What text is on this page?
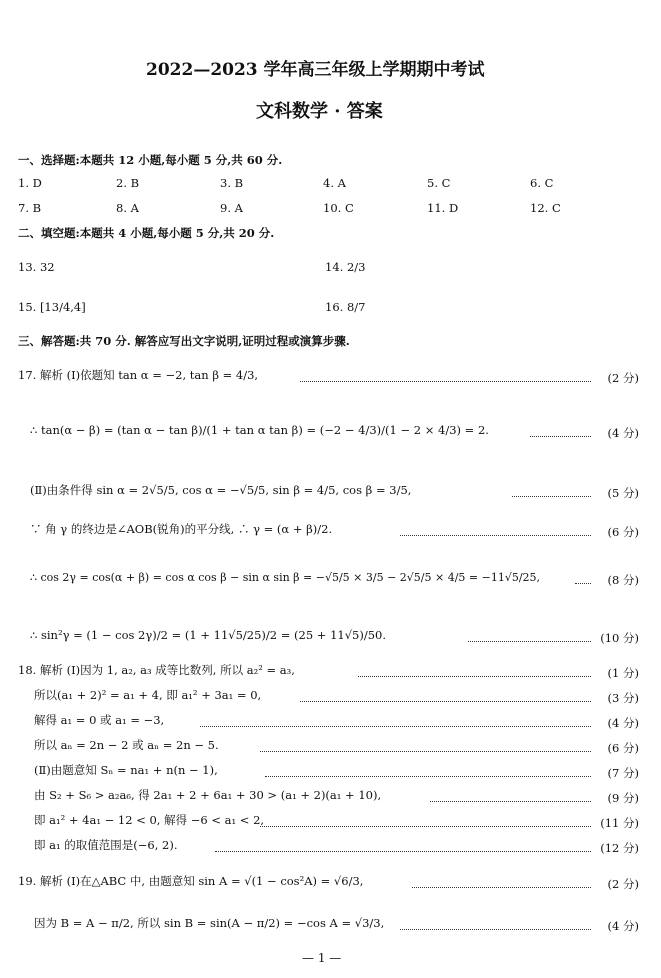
2022—2023 学年高三年级上学期期中考试
文科数学 · 答案
一、选择题:本题共 12 小题,每小题 5 分,共 60 分.
1. D	2. B	3. B	4. A	5. C	6. C
7. B	8. A	9. A	10. C	11. D	12. C
二、填空题:本题共 4 小题,每小题 5 分,共 20 分.
13. 32	14. 2/3
15. [13/4,4]	16. 8/7
三、解答题:共 70 分. 解答应写出文字说明,证明过程或演算步骤.
17. 解析 (Ⅰ)依题知 tan α = −2, tan β = 4/3,	(2 分)
∴ tan(α − β) = (tan α − tan β)/(1 + tan α tan β) = (−2 − 4/3)/(1 − 2 × 4/3) = 2.	(4 分)
(Ⅱ)由条件得 sin α = 2√5/5, cos α = −√5/5, sin β = 4/5, cos β = 3/5,	(5 分)
∵ 角 γ 的终边是∠AOB(锐角)的平分线, ∴ γ = (α + β)/2.	(6 分)
∴ cos 2γ = cos(α + β) = cos α cos β − sin α sin β = −√5/5 × 3/5 − 2√5/5 × 4/5 = −11√5/25,	(8 分)
∴ sin²γ = (1 − cos 2γ)/2 = (1 + 11√5/25)/2 = (25 + 11√5)/50.	(10 分)
18. 解析 (Ⅰ)因为 1, a₂, a₃ 成等比数列, 所以 a₂² = a₃,	(1 分)
所以(a₁ + 2)² = a₁ + 4, 即 a₁² + 3a₁ = 0,	(3 分)
解得 a₁ = 0 或 a₁ = −3,	(4 分)
所以 aₙ = 2n − 2 或 aₙ = 2n − 5.	(6 分)
(Ⅱ)由题意知 Sₙ = na₁ + n(n − 1),	(7 分)
由 S₂ + S₆ > a₂a₆, 得 2a₁ + 2 + 6a₁ + 30 > (a₁ + 2)(a₁ + 10),	(9 分)
即 a₁² + 4a₁ − 12 < 0, 解得 −6 < a₁ < 2,	(11 分)
即 a₁ 的取值范围是(−6, 2).	(12 分)
19. 解析 (Ⅰ)在△ABC 中, 由题意知 sin A = √(1 − cos²A) = √6/3,	(2 分)
因为 B = A − π/2, 所以 sin B = sin(A − π/2) = −cos A = √3/3,	(4 分)
— 1 —
